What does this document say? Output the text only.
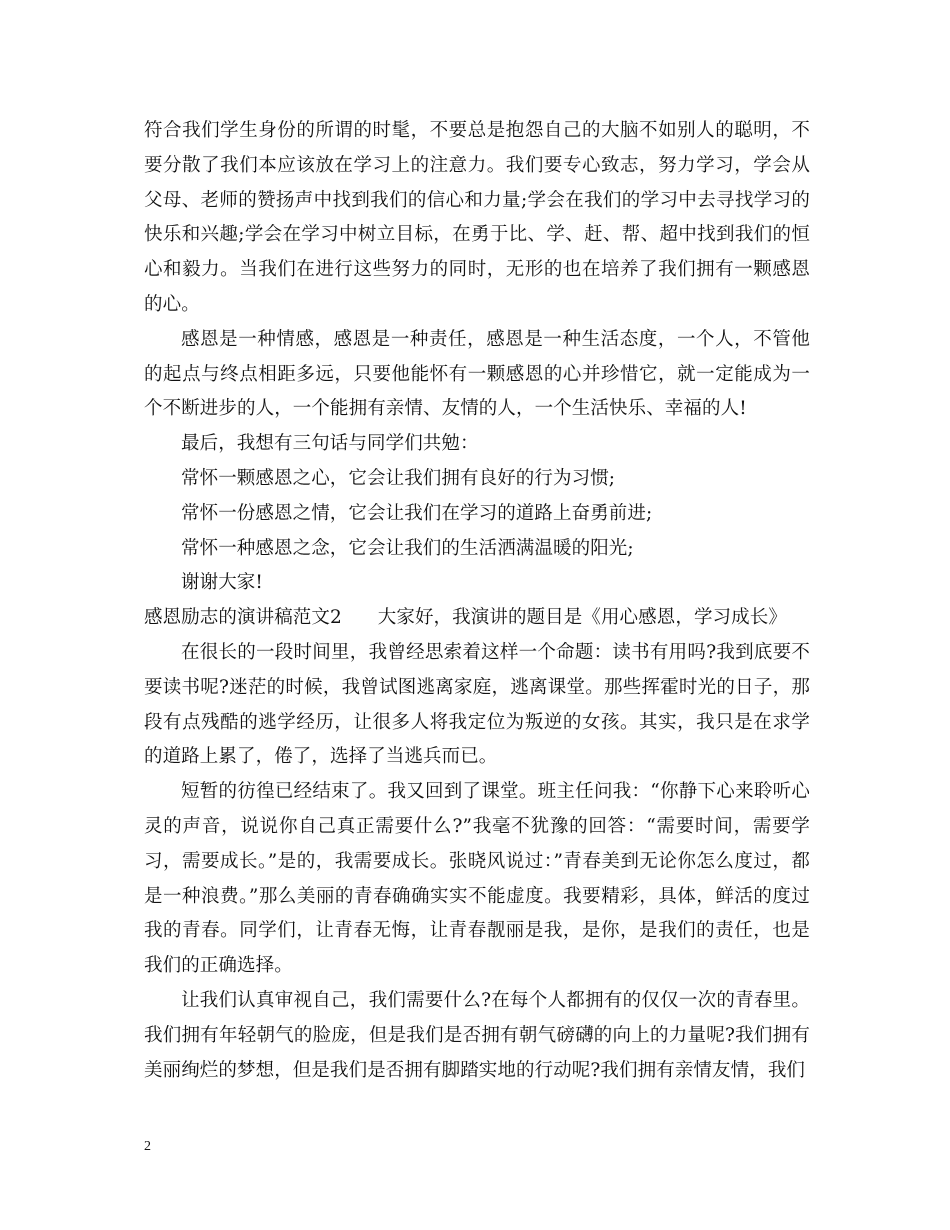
符合我们学生身份的所谓的时髦，不要总是抱怨自己的大脑不如别人的聪明，不要分散了我们本应该放在学习上的注意力。我们要专心致志，努力学习，学会从父母、老师的赞扬声中找到我们的信心和力量;学会在我们的学习中去寻找学习的快乐和兴趣;学会在学习中树立目标，在勇于比、学、赶、帮、超中找到我们的恒心和毅力。当我们在进行这些努力的同时，无形的也在培养了我们拥有一颗感恩的心。

感恩是一种情感，感恩是一种责任，感恩是一种生活态度，一个人，不管他的起点与终点相距多远，只要他能怀有一颗感恩的心并珍惜它，就一定能成为一个不断进步的人，一个能拥有亲情、友情的人，一个生活快乐、幸福的人!

最后，我想有三句话与同学们共勉：

常怀一颗感恩之心，它会让我们拥有良好的行为习惯;

常怀一份感恩之情，它会让我们在学习的道路上奋勇前进;

常怀一种感恩之念，它会让我们的生活洒满温暖的阳光;

谢谢大家!

感恩励志的演讲稿范文2      大家好，我演讲的题目是《用心感恩，学习成长》

在很长的一段时间里，我曾经思索着这样一个命题：读书有用吗?我到底要不要读书呢?迷茫的时候，我曾试图逃离家庭，逃离课堂。那些挥霍时光的日子，那段有点残酷的逃学经历，让很多人将我定位为叛逆的女孩。其实，我只是在求学的道路上累了，倦了，选择了当逃兵而已。

短暂的彷徨已经结束了。我又回到了课堂。班主任问我：“你静下心来聆听心灵的声音，说说你自己真正需要什么?”我毫不犹豫的回答：“需要时间，需要学习，需要成长。”是的，我需要成长。张晓风说过：”青春美到无论你怎么度过，都是一种浪费。”那么美丽的青春确确实实不能虚度。我要精彩，具体，鲜活的度过我的青春。同学们，让青春无悔，让青春靓丽是我，是你，是我们的责任，也是我们的正确选择。

让我们认真审视自己，我们需要什么?在每个人都拥有的仅仅一次的青春里。我们拥有年轻朝气的脸庞，但是我们是否拥有朝气磅礴的向上的力量呢?我们拥有美丽绚烂的梦想，但是我们是否拥有脚踏实地的行动呢?我们拥有亲情友情，我们

2
